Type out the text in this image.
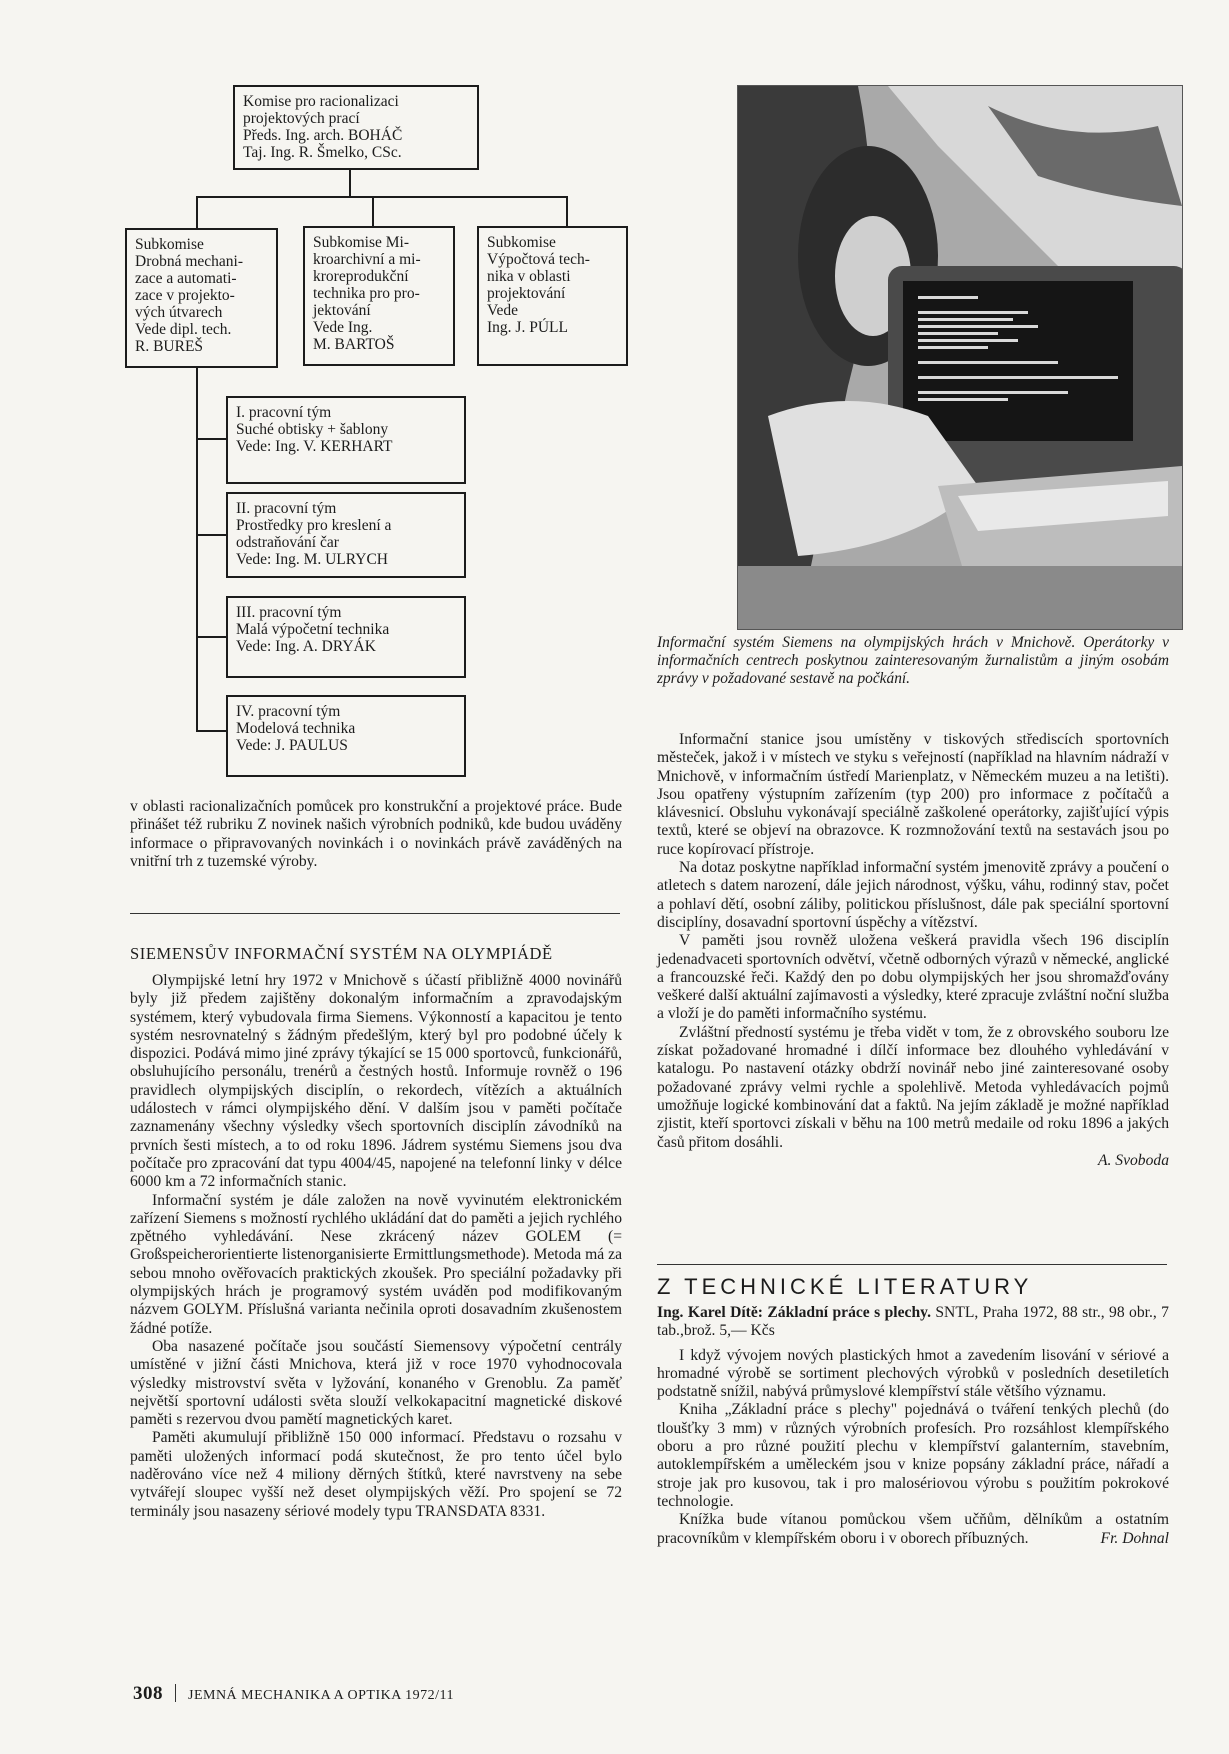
Komise pro racionalizaci
projektových prací
Předs. Ing. arch. BOHÁČ
Taj. Ing. R. Šmelko, CSc.
Subkomise
Drobná mechani-
zace a automati-
zace v projekto-
vých útvarech
Vede dipl. tech.
R. BUREŠ
Subkomise Mi-
kroarchivní a mi-
kroreprodukční
technika pro pro-
jektování
Vede Ing.
M. BARTOŠ
Subkomise
Výpočtová tech-
nika v oblasti
projektování
Vede
Ing. J. PÚLL
I. pracovní tým
Suché obtisky + šablony
Vede: Ing. V. KERHART
II. pracovní tým
Prostředky pro kreslení a
odstraňování čar
Vede: Ing. M. ULRYCH
III. pracovní tým
Malá výpočetní technika
Vede: Ing. A. DRYÁK
IV. pracovní tým
Modelová technika
Vede: J. PAULUS
Informační systém Siemens na olympijských hrách v Mnichově. Operátorky v informačních centrech poskytnou zainteresovaným žurnalistům a jiným osobám zprávy v požadované sestavě na počkání.

v oblasti racionalizačních pomůcek pro konstrukční a projektové práce. Bude přinášet též rubriku Z novinek našich výrobních podniků, kde budou uváděny informace o připravovaných novinkách i o novinkách právě zaváděných na vnitřní trh z tuzemské výroby.

SIEMENSŮV INFORMAČNÍ SYSTÉM NA OLYMPIÁDĚ

Olympijské letní hry 1972 v Mnichově s účastí přibližně 4000 novinářů byly již předem zajištěny dokonalým informačním a zpravodajským systémem, který vybudovala firma Siemens. Výkonností a kapacitou je tento systém nesrovnatelný s žádným předešlým, který byl pro podobné účely k dispozici. Podává mimo jiné zprávy týkající se 15 000 sportovců, funkcionářů, obsluhujícího personálu, trenérů a čestných hostů. Informuje rovněž o 196 pravidlech olympijských disciplín, o rekordech, vítězích a aktuálních událostech v rámci olympijského dění. V dalším jsou v paměti počítače zaznamenány všechny výsledky všech sportovních disciplín závodníků na prvních šesti místech, a to od roku 1896. Jádrem systému Siemens jsou dva počítače pro zpracování dat typu 4004/45, napojené na telefonní linky v délce 6000 km a 72 informačních stanic.

Informační systém je dále založen na nově vyvinutém elektronickém zařízení Siemens s možností rychlého ukládání dat do paměti a jejich rychlého zpětného vyhledávání. Nese zkrácený název GOLEM (= Großspeicherorientierte listenorganisierte Ermittlungsmethode). Metoda má za sebou mnoho ověřovacích praktických zkoušek. Pro speciální požadavky při olympijských hrách je programový systém uváděn pod modifikovaným názvem GOLYM. Příslušná varianta nečinila oproti dosavadním zkušenostem žádné potíže.

Oba nasazené počítače jsou součástí Siemensovy výpočetní centrály umístěné v jižní části Mnichova, která již v roce 1970 vyhodnocovala výsledky mistrovství světa v lyžování, konaného v Grenoblu. Za paměť největší sportovní události světa slouží velkokapacitní magnetické diskové paměti s rezervou dvou pamětí magnetických karet.

Paměti akumulují přibližně 150 000 informací. Představu o rozsahu v paměti uložených informací podá skutečnost, že pro tento účel bylo naděrováno více než 4 miliony děrných štítků, které navrstveny na sebe vytvářejí sloupec vyšší než deset olympijských věží. Pro spojení se 72 terminály jsou nasazeny sériové modely typu TRANSDATA 8331.

Informační stanice jsou umístěny v tiskových střediscích sportovních městeček, jakož i v místech ve styku s veřejností (například na hlavním nádraží v Mnichově, v informačním ústředí Marienplatz, v Německém muzeu a na letišti). Jsou opatřeny výstupním zařízením (typ 200) pro informace z počítačů a klávesnicí. Obsluhu vykonávají speciálně zaškolené operátorky, zajišťující výpis textů, které se objeví na obrazovce. K rozmnožování textů na sestavách jsou po ruce kopírovací přístroje.

Na dotaz poskytne například informační systém jmenovitě zprávy a poučení o atletech s datem narození, dále jejich národnost, výšku, váhu, rodinný stav, počet a pohlaví dětí, osobní záliby, politickou příslušnost, dále pak speciální sportovní disciplíny, dosavadní sportovní úspěchy a vítězství.

V paměti jsou rovněž uložena veškerá pravidla všech 196 disciplín jedenadvaceti sportovních odvětví, včetně odborných výrazů v německé, anglické a francouzské řeči. Každý den po dobu olympijských her jsou shromažďovány veškeré další aktuální zajímavosti a výsledky, které zpracuje zvláštní noční služba a vloží je do paměti informačního systému.

Zvláštní předností systému je třeba vidět v tom, že z obrovského souboru lze získat požadované hromadné i dílčí informace bez dlouhého vyhledávání v katalogu. Po nastavení otázky obdrží novinář nebo jiné zainteresované osoby požadované zprávy velmi rychle a spolehlivě. Metoda vyhledávacích pojmů umožňuje logické kombinování dat a faktů. Na jejím základě je možné například zjistit, kteří sportovci získali v běhu na 100 metrů medaile od roku 1896 a jakých časů přitom dosáhli.

A. Svoboda
Z TECHNICKÉ LITERATURY

Ing. Karel Dítě: Základní práce s plechy. SNTL, Praha 1972, 88 str., 98 obr., 7 tab.,brož. 5,— Kčs

I když vývojem nových plastických hmot a zavedením lisování v sériové a hromadné výrobě se sortiment plechových výrobků v posledních desetiletích podstatně snížil, nabývá průmyslové klempířství stále většího významu.

Kniha „Základní práce s plechy" pojednává o tváření tenkých plechů (do tloušťky 3 mm) v různých výrobních profesích. Pro rozsáhlost klempířského oboru a pro různé použití plechu v klempířství galanterním, stavebním, autoklempířském a uměleckém jsou v knize popsány základní práce, nářadí a stroje jak pro kusovou, tak i pro malosériovou výrobu s použitím pokrokové technologie.

Knížka bude vítanou pomůckou všem učňům, dělníkům a ostatním pracovníkům v klempířském oboru i v oborech příbuzných.	Fr. Dohnal
308 JEMNÁ MECHANIKA A OPTIKA 1972/11
